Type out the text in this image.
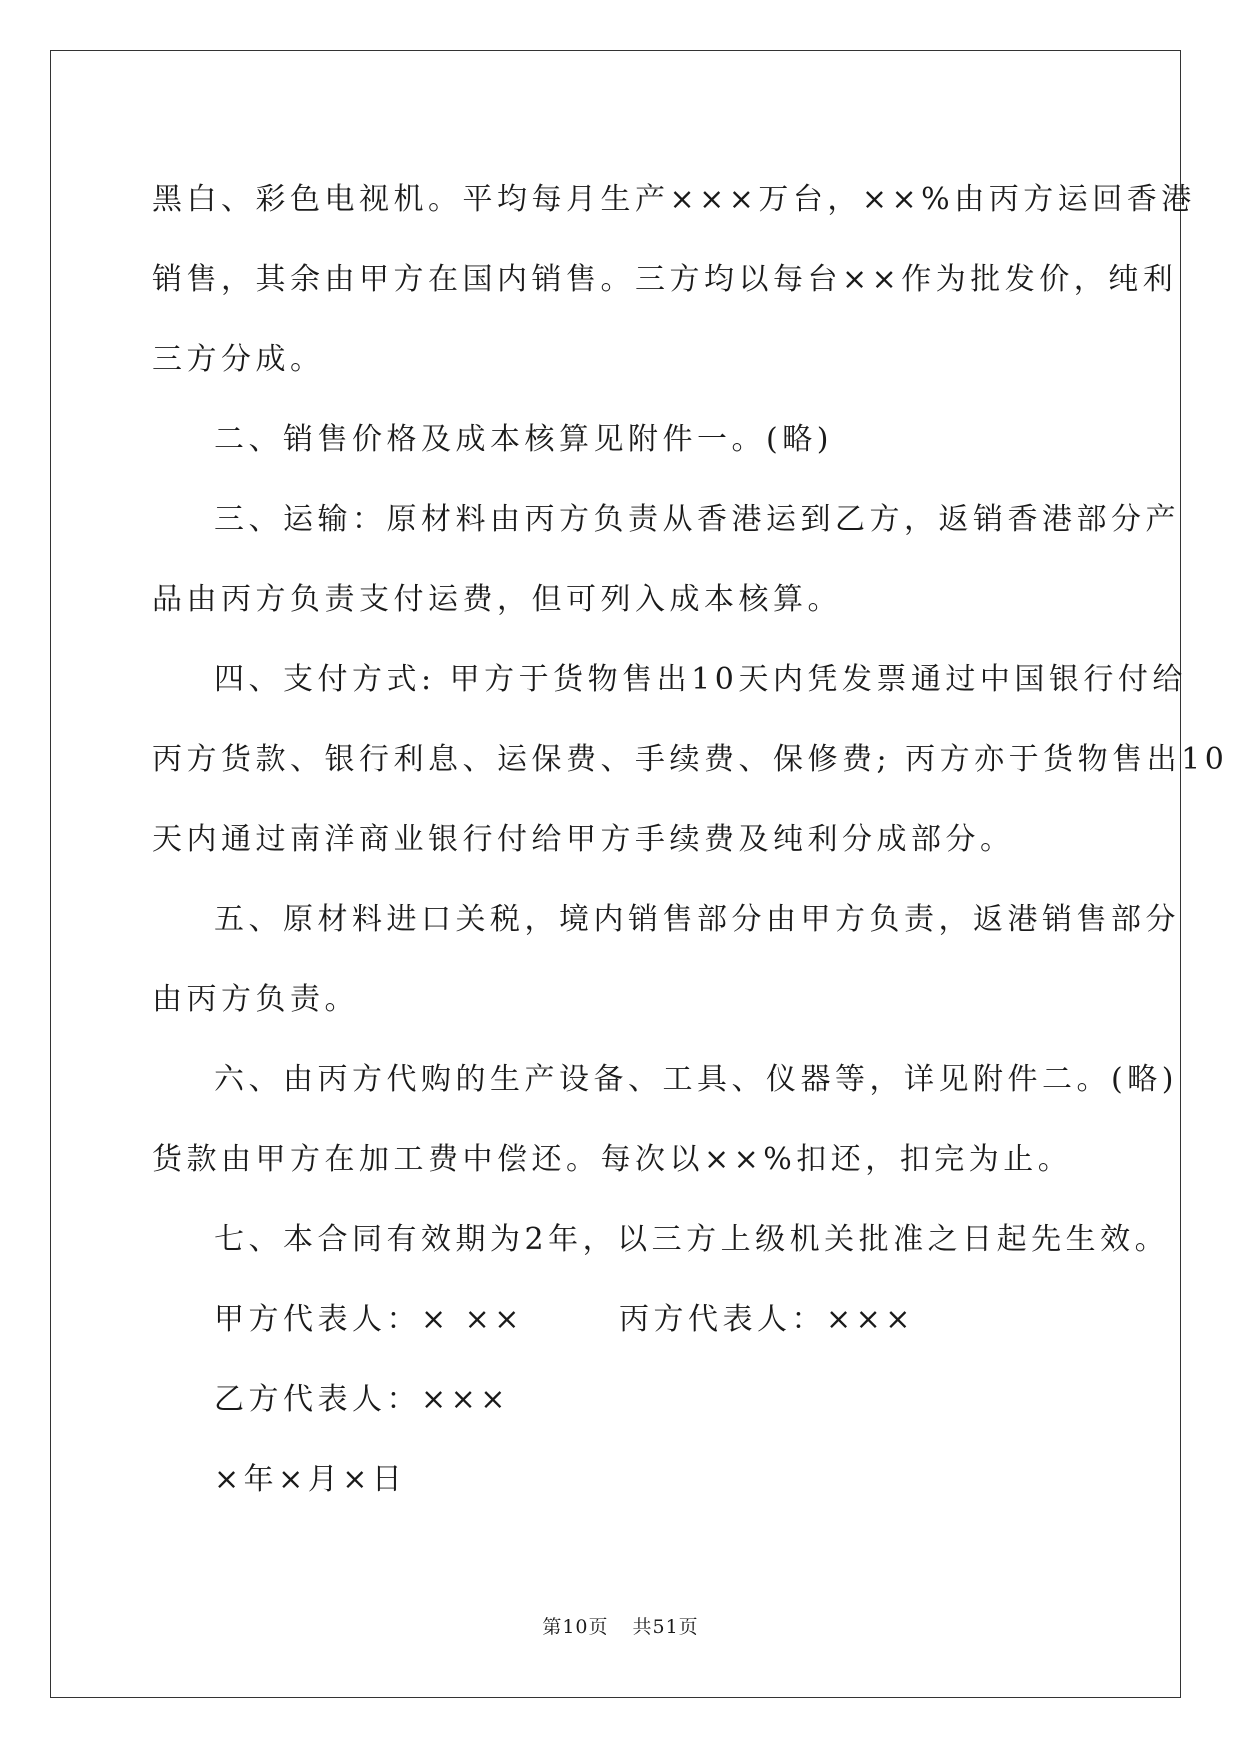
黑白、彩色电视机。平均每月生产×××万台，××%由丙方运回香港
销售，其余由甲方在国内销售。三方均以每台××作为批发价，纯利
三方分成。
二、销售价格及成本核算见附件一。(略)
三、运输：原材料由丙方负责从香港运到乙方，返销香港部分产
品由丙方负责支付运费，但可列入成本核算。
四、支付方式: 甲方于货物售出10天内凭发票通过中国银行付给
丙方货款、银行利息、运保费、手续费、保修费; 丙方亦于货物售出10
天内通过南洋商业银行付给甲方手续费及纯利分成部分。
五、原材料进口关税，境内销售部分由甲方负责，返港销售部分
由丙方负责。
六、由丙方代购的生产设备、工具、仪器等，详见附件二。(略)
货款由甲方在加工费中偿还。每次以××%扣还，扣完为止。
七、本合同有效期为2年，以三方上级机关批准之日起先生效。
甲方代表人：× ××	丙方代表人：×××
乙方代表人：×××
×年×月×日
第10页 共51页
